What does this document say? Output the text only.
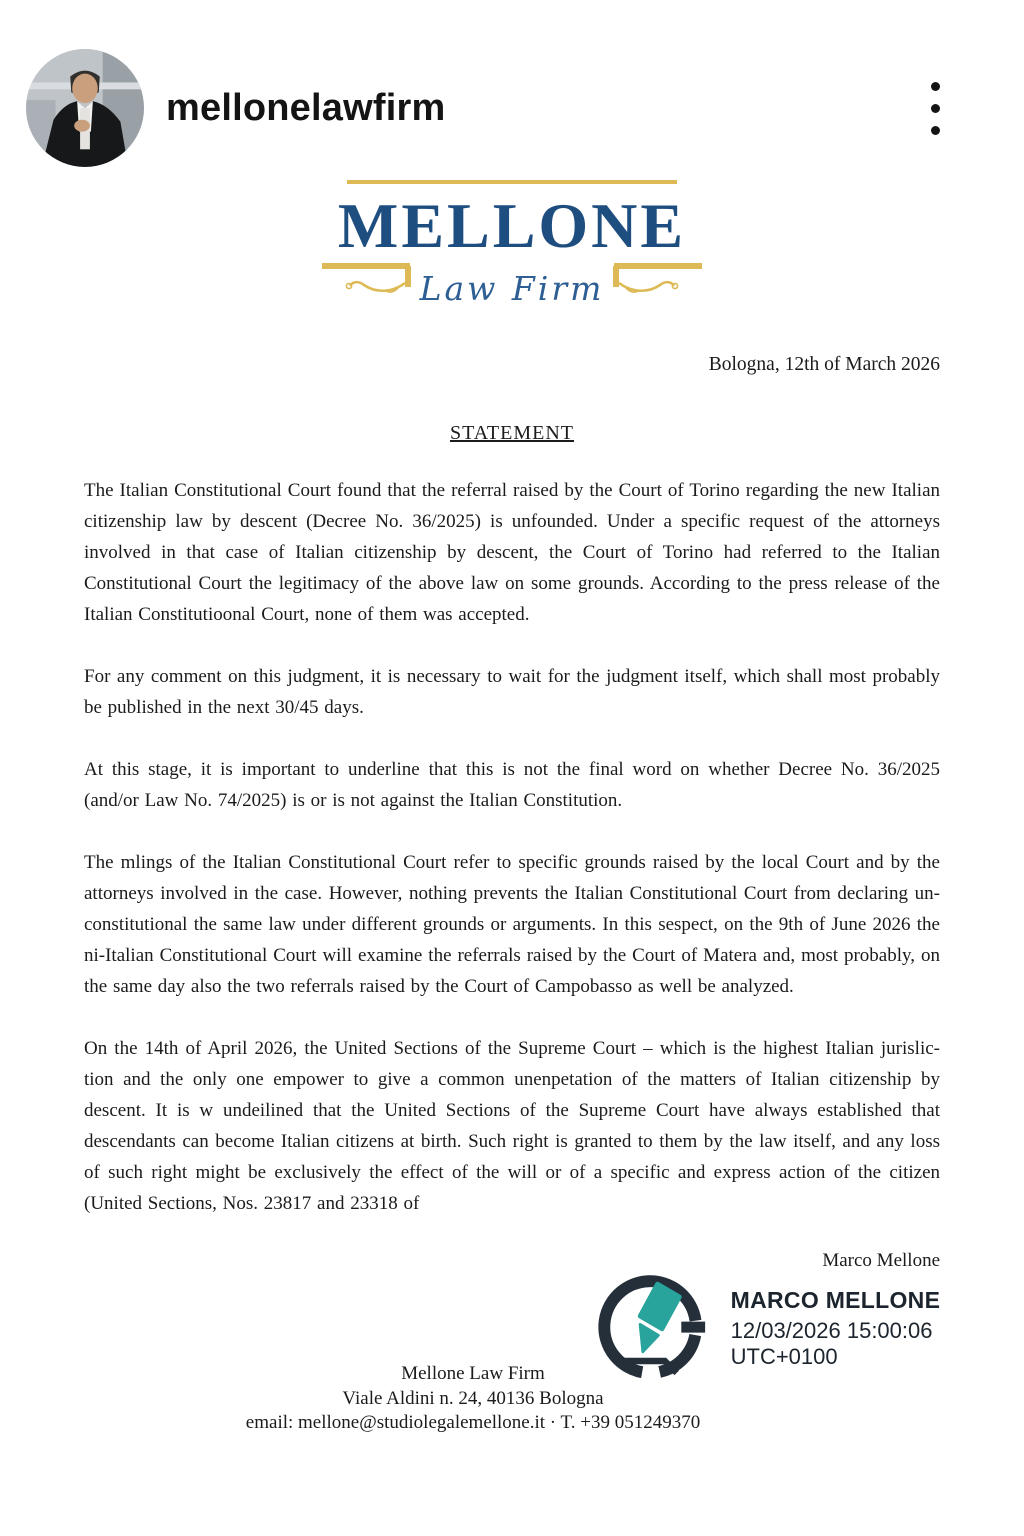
mellonelawfirm
MELLONE
Law Firm
Bologna, 12th of March 2026
STATEMENT

The Italian Constitutional Court found that the referral raised by the Court of Torino regarding the new Italian citizenship law by descent (Decree No. 36/2025) is unfounded. Under a specific request of the attorneys involved in that case of Italian citizenship by descent, the Court of Torino had referred to the Italian Constitutional Court the legitimacy of the above law on some grounds. According to the press release of the Italian Constitutioonal Court, none of them was accepted.

For any comment on this judgment, it is necessary to wait for the judgment itself, which shall most probably be published in the next 30/45 days.

At this stage, it is important to underline that this is not the final word on whether Decree No. 36/2025 (and/or Law No. 74/2025) is or is not against the Italian Constitution.

The mlings of the Italian Constitutional Court refer to specific grounds raised by the local Court and by the attorneys involved in the case. However, nothing prevents the Italian Constitutional Court from declaring un-constitutional the same law under different grounds or arguments. In this sespect, on the 9th of June 2026 the ni-Italian Constitutional Court will examine the referrals raised by the Court of Matera and, most probably, on the same day also the two referrals raised by the Court of Campobasso as well be analyzed.

On the 14th of April 2026, the United Sections of the Supreme Court – which is the highest Italian jurislic-tion and the only one empower to give a common unenpetation of the matters of Italian citizenship by descent. It is w undeilined that the United Sections of the Supreme Court have always established that descendants can become Italian citizens at birth. Such right is granted to them by the law itself, and any loss of such right might be exclusively the effect of the will or of a specific and express action of the citizen (United Sections, Nos. 23817 and 23318 of

Marco Mellone
MARCO MELLONE
12/03/2026 15:00:06 UTC+0100
Mellone Law Firm
Viale Aldini n. 24, 40136 Bologna
email: mellone@studiolegalemellone.it · T. +39 051249370
